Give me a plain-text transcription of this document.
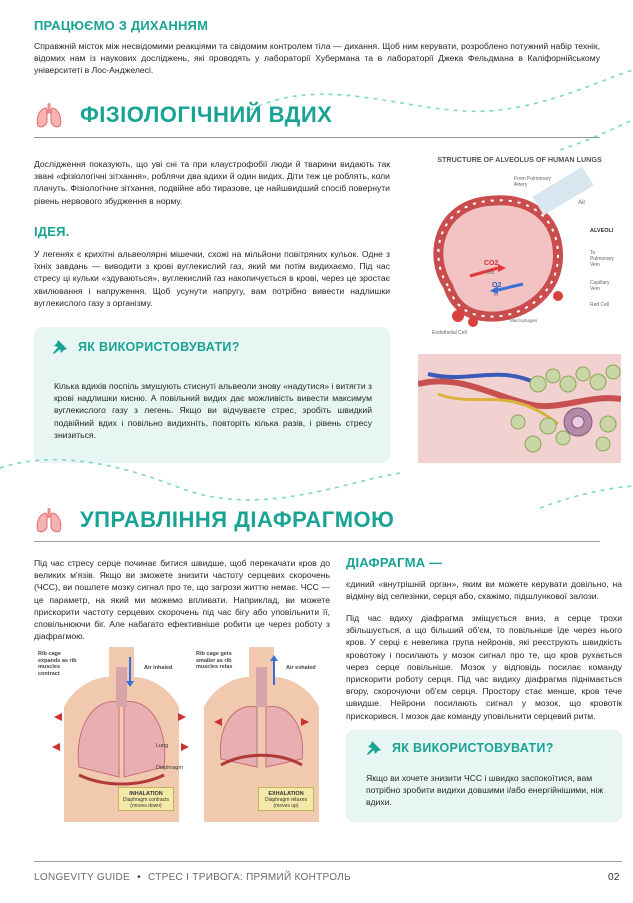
ПРАЦЮЄМО З ДИХАННЯМ
Справжній місток між несвідомими реакціями та свідомим контролем тіла — дихання. Щоб ним керувати, розроблено потужний набір технік, відомих нам із наукових досліджень, які проводять у лабораторії Хубермана та в лабораторії Джека Фельдмана в Каліфорнійському університеті в Лос-Анджелесі.
ФІЗІОЛОГІЧНИЙ ВДИХ
Дослідження показують, що уві сні та при клаустрофобії люди й тварини видають так звані «фізіологічні зітхання», роблячи два вдихи й один видих. Діти теж це роблять, коли плачуть. Фізіологічне зітхання, подвійне або тиразове, це найшвидший спосіб повернути рівень нервового збудження в норму.
ІДЕЯ.
У легенях є крихітні альвеолярні мішечки, схожі на мільйони повітряних кульок. Одне з їхніх завдань — виводити з крові вуглекислий газ, який ми потім видихаємо. Під час стресу ці кульки «здуваються», вуглекислий газ накопичується в крові, через це зростає хвилювання і напруження. Щоб усунути напругу, вам потрібно вивести надлишки вуглекислого газу з організму.
ЯК ВИКОРИСТОВУВАТИ?
Кілька вдихів поспіль змушують стиснуті альвеоли знову «надутися» і витягти з крові надлишки кисню. А повільний видих дає можливість вивести максимум вуглекислого газу з легень. Якщо ви відчуваєте стрес, зробіть швидкий подвійний вдих і повільно видихніть, повторіть кілька разів, і рівень стресу знизиться.
STRUCTURE OF ALVEOLUS OF HUMAN LUNGS
From Pulmonary Artery
Air
ALVEOLI
To Pulmonary Vein
CO2
Out
O2
In
Capillary Vein
Red Cell
Macrophages
Endothelial Cell
УПРАВЛІННЯ ДІАФРАГМОЮ
Під час стресу серце починає битися швидше, щоб перекачати кров до великих м'язів. Якщо ви зможете знизити частоту серцевих скорочень (ЧСС), ви пошлете мозку сигнал про те, що загрози життю немає. ЧСС — це параметр, на який ми можемо впливати. Наприклад, ви можете прискорити частоту серцевих скорочень під час бігу або уповільнити її, сповільнюючи біг. Але набагато ефективніше робити це через роботу з діафрагмою.
Rib cage expands as rib muscles contract
Air inhaled
Lung
Diaphragm
INHALATION
Diaphragm contracts (moves down)
Rib cage gets smaller as rib muscles relax	Air exhaled
EXHALATION
Diaphragm relaxes (moves up)
ДІАФРАГМА —
єдиний «внутрішній орган», яким ви можете керувати довільно, на відміну від селезінки, серця або, скажімо, підшлункової залози.
Під час вдиху діафрагма зміщується вниз, а серце трохи збільшується, а що більший об'єм, то повільніше їде через нього кров. У серці є невелика група нейронів, які реєструють швидкість кровотоку і посилають у мозок сигнал про те, що кров рухається через серце повільніше. Мозок у відповідь посилає команду прискорити роботу серця. Під час видиху діафрагма піднімається вгору, скорочуючи об'єм серця. Простору стає менше, кров тече швидше. Нейрони посилають сигнал у мозок, що кровотік прискорився. І мозок дає команду уповільнити серцевий ритм.
ЯК ВИКОРИСТОВУВАТИ?
Якщо ви хочете знизити ЧСС і швидко заспокоїтися, вам потрібно зробити видихи довшими і/або енергійнішими, ніж вдихи.
LONGEVITY GUIDE • СТРЕС І ТРИВОГА: ПРЯМИЙ КОНТРОЛЬ	02
